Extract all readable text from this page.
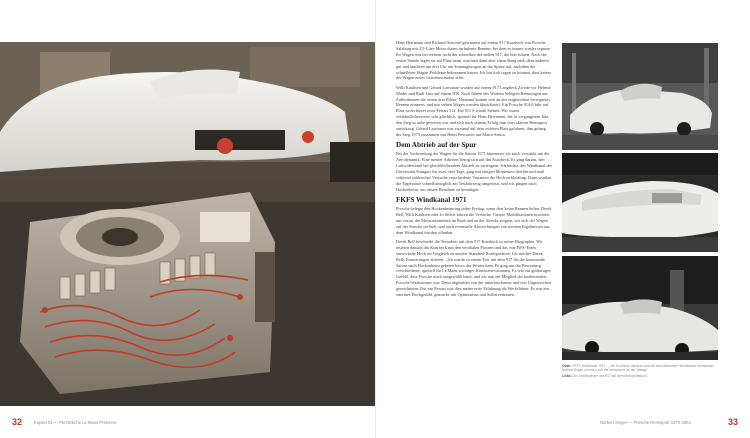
Hans Herrmann und Richard Attwood gewannen auf einem 917 Kurzheck von Porsche Salzburg mit 4,5-Liter-Motor dieses turbulente Rennen, bei dem es immer wieder regnete. Ihr Wagen war bei weitem nicht der schnellste der sieben 917, die hier fuhren. Nach der ersten Stunde lagen sie auf Platz neun, machten dann aber einen Rang nach dem anderen gut und tauchten um drei Uhr am Sonntagmorgen an der Spitze auf, nachdem die schnelleren Wagen Probleme bekommen hatten. Ich bin froh sagen zu können, dass keiner der Wagen einen Getriebeschaden erlitt.

Willi Kauhsen und Gérard Larrousse wurden auf einem 917 Langheck Zweite vor Helmut Marko und Rudi Lins auf einem 908. Nach Jahren des Wartens belegten Rennwagen aus Zuffenhausen die ersten drei Plätze. Niemand konnte sich an ein vergleichbar verregnetes Rennen erinnern, und nur sieben Wagen wurden klassifiziert. Ein Porsche 914/6 fuhr auf Platz sechs hinter zwei Ferrari 512. Ein 911 S wurde Siebter. Wir waren verständlicherweise sehr glücklich, speziell für Hans Herrmann, der in vergangenen Jahr den Sieg so nahe gewesen war und sich nach seinem Erfolg nun vom aktiven Rennsport zurückzog. Gérard Larrousse war zweimal auf dem zweiten Platz gefahren, ihm gelang der Sieg 1973 zusammen mit Henri Pescarolo auf Matra-Simca.

Dem Abtrieb auf der Spur

Bei der Vorbereitung der Wagen für die Saison 1971 kümmerte ich mich verstärkt um die Aerodynamik. Eine meiner Arbeiten bezog sich auf das Kurzheck. Es ging darum, den Luftwiderstand bei gleichbleibendem Abtrieb zu verringern. Ich buchte den Windkanal der Universität Stuttgart für zwei, drei Tage, ging mit einigen Monteuren dorthin und maß während zahlreicher Versuche verschiedene Varianten der Heckverkleidung. Dann wurden die Ergebnisse schnellstmöglich am Testfahrzeug umgesetzt, und wir gingen nach Hockenheim, um unsere Resultate zu bestätigen.

FKFS Windkanal 1971

Porsche belegte den Hockenheimring jeden Freitag, wenn dort keine Rennen liefen. Derek Bell, Willi Kauhsen oder Jo Siffert fuhren die Versuche. Unsere Modifikationen brachten uns voran, die Messinstrumente an Bord und an der Strecke zeigten, wie sich der Wagen auf der Strecke verhielt, und auch eventuelle Abweichungen von meinen Ergebnissen aus dem Windkanal wurden offenbar.

Derek Bell beschreibt die Testarbeit mit dem 917 Kurzheck in seiner Biographie. Wir testeten damals das Kurzheck mit den vertikalen Flossen und das von JWA-Team entwickelte Heck im Vergleich zu unserer Standard-Konfiguration. Ich möchte Derek Bells Erinnerungen zitieren: „Ich wurde zu einem Test mit dem 917 für die kommende Saison nach Hockenheim gebeten bevor der Winter kam. Es ging um die Bewertung verschiedener, speziell für Le Mans wichtiger Karosserievarianten. Es war ein großartiges Gefühl, dass Porsche mich ausgewählt hatte, und ich nun ein Mitglied des bedeutenden Porsche-Werksteams war. Denn abgesehen von der unterbrochenen und von Ungewissheit gezeichneten Zeit mit Ferrari war dies meine erste Erfahrung als Werksfahrer. Es war ein enormes Hochgefühl, gemischt mit Optimismus und Selbstvertrauen.

Oben: FKFS Windkanal 1971 — die Kurzheck-Variante wird mit verschiedenen Heckflossen vermessen; Norbert Singer (rechts) prüft die Messwerte an der Waage.

Links: Der Zwölfzylinder des 917 auf dem Motorprüfstand.

32	Kapitel 01 — Persönliche Le Mans Premiere	Norbert Singer — Porsche Rennsport 1970-2004	33
